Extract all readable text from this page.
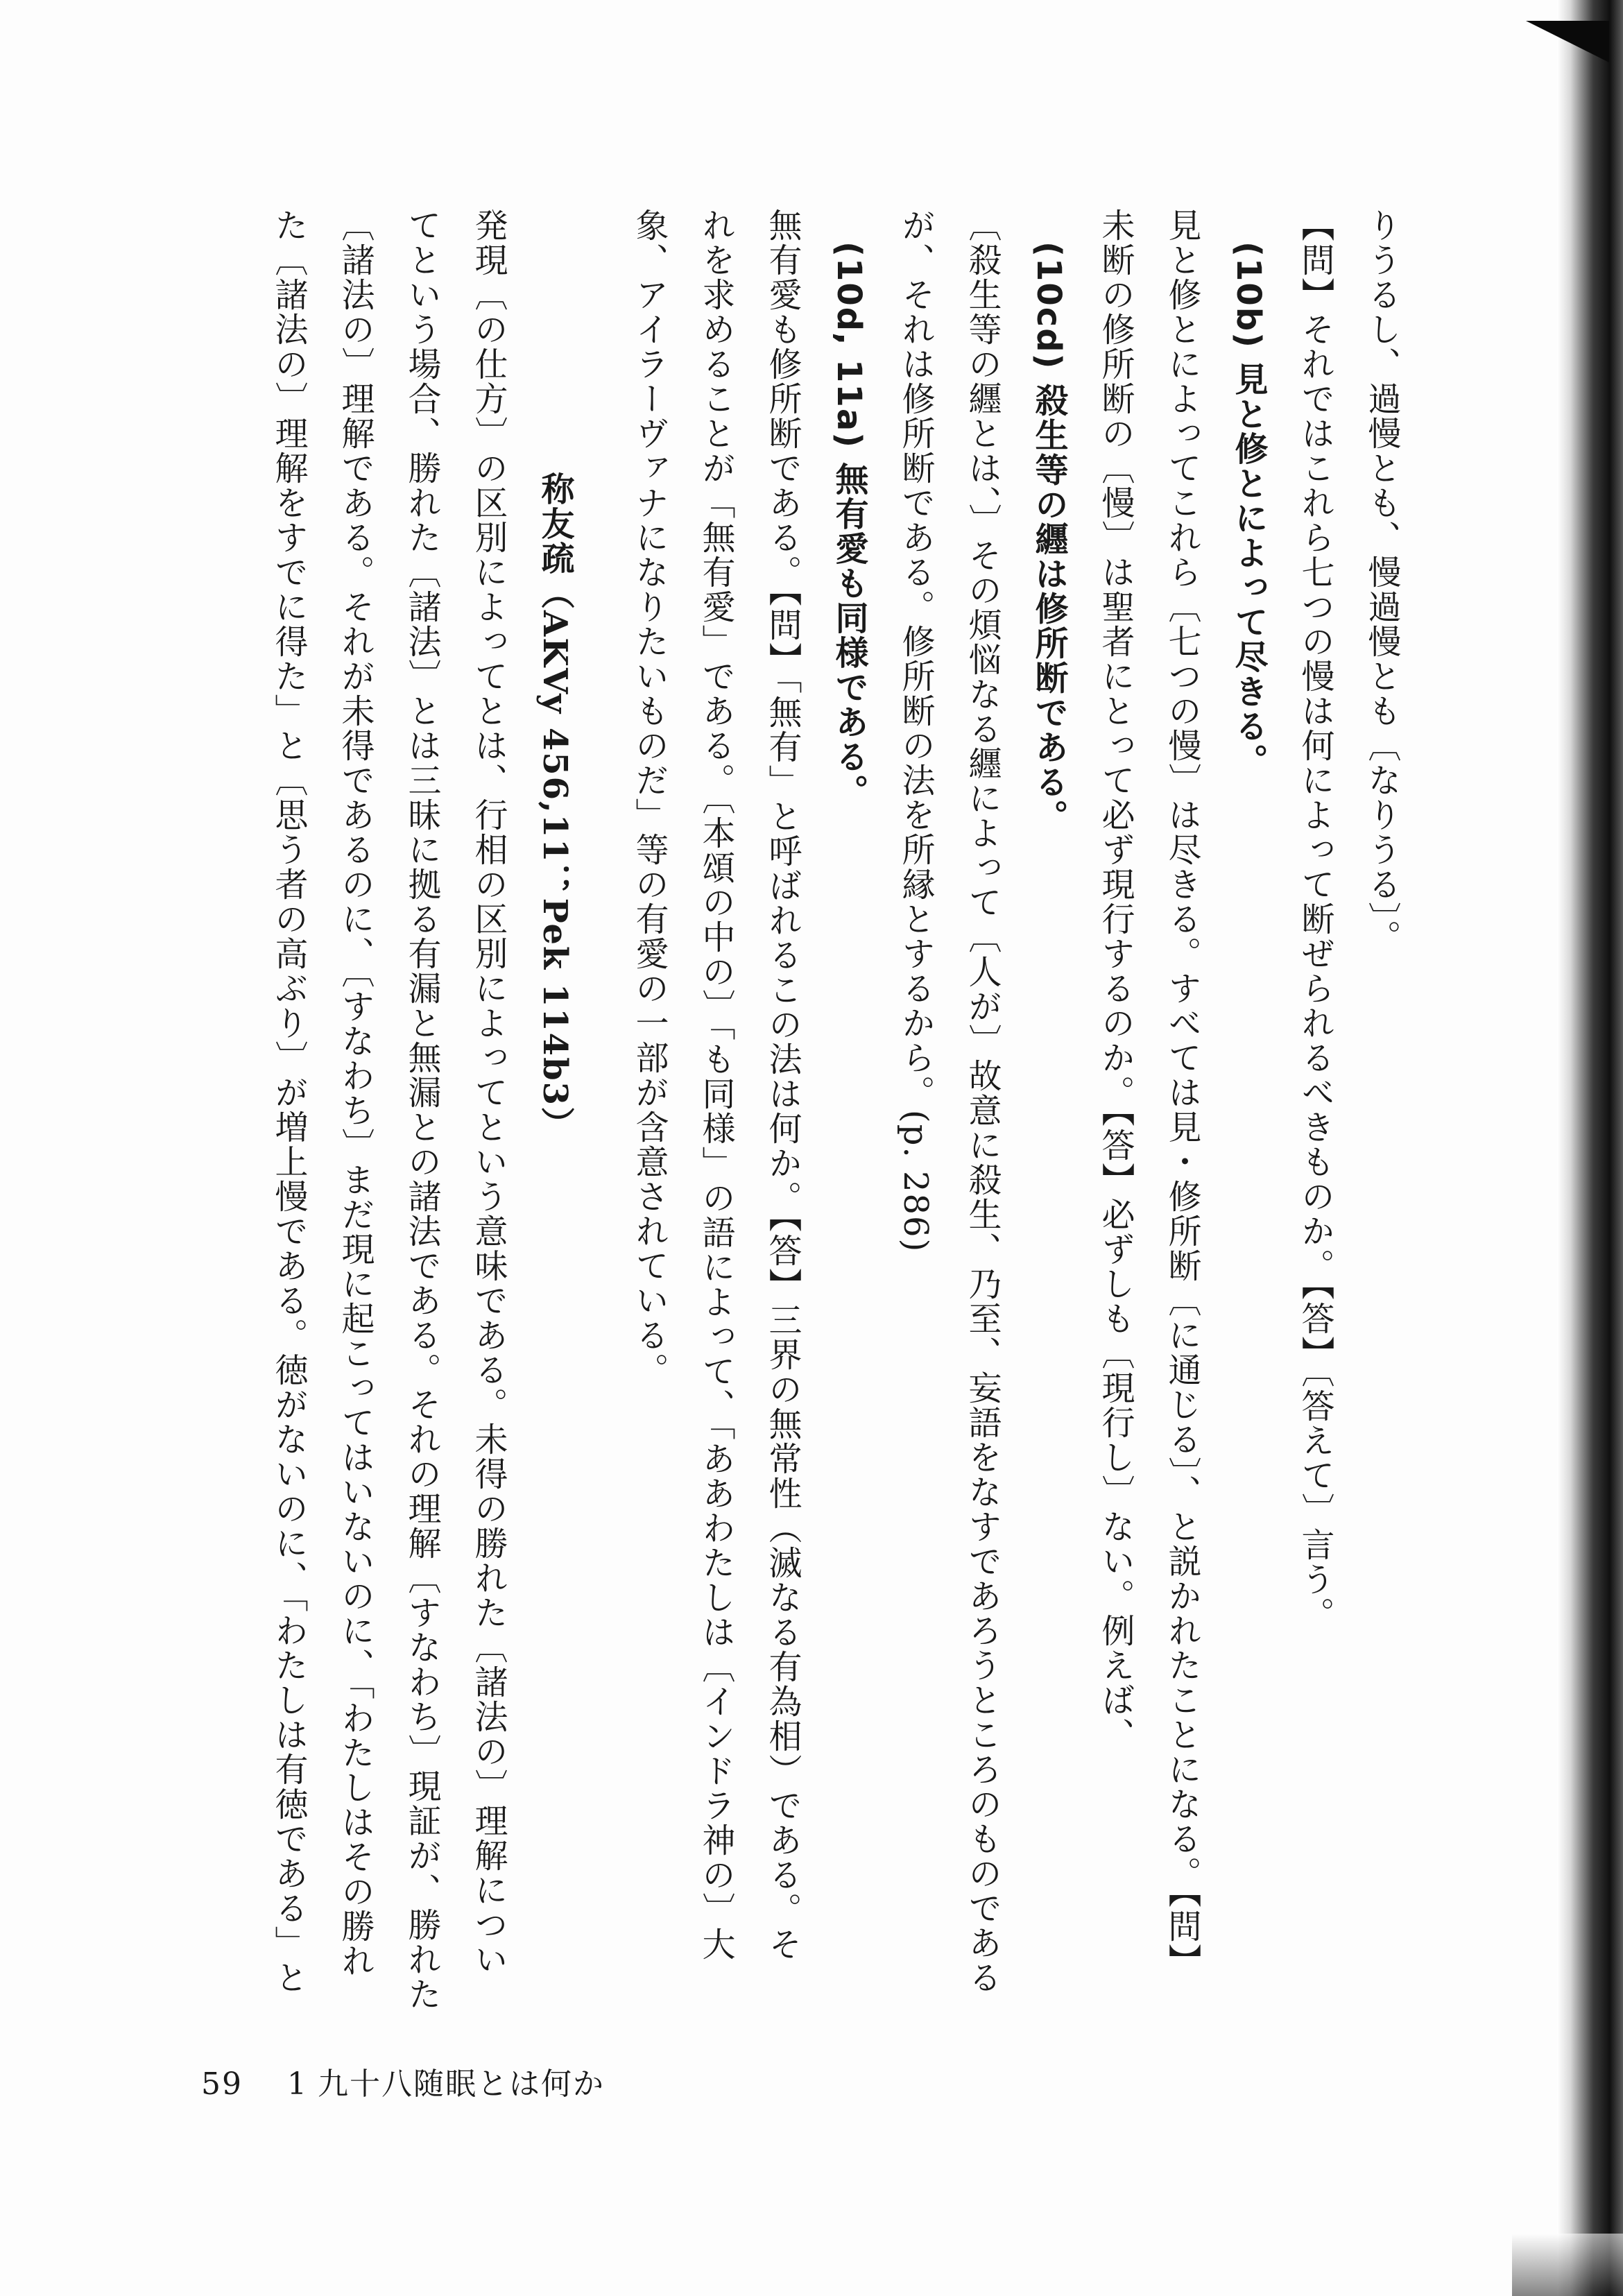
りうるし、過慢とも、慢過慢とも〔なりうる〕。

【問】それではこれら七つの慢は何によって断ぜられるべきものか。【答】〔答えて〕言う。

(10b) 見と修とによって尽きる。

見と修とによってこれら〔七つの慢〕は尽きる。すべては見・修所断〔に通じる〕、と説かれたことになる。【問】

未断の修所断の〔慢〕は聖者にとって必ず現行するのか。【答】必ずしも〔現行し〕ない。例えば、

(10cd) 殺生等の纒は修所断である。

〔殺生等の纒とは、〕その煩悩なる纒によって〔人が〕故意に殺生、乃至、妄語をなすであろうところのものである

が、それは修所断である。修所断の法を所縁とするから。(p. 286)

(10d, 11a) 無有愛も同様である。

無有愛も修所断である。【問】「無有」と呼ばれるこの法は何か。【答】三界の無常性（滅なる有為相）である。そ

れを求めることが「無有愛」である。〔本頌の中の〕「も同様」の語によって、「ああわたしは〔インドラ神の〕大

象、アイラーヴァナになりたいものだ」等の有愛の一部が含意されている。

称友疏（AKVy 456,11；Pek 114b3）

発現〔の仕方〕の区別によってとは、行相の区別によってという意味である。未得の勝れた〔諸法の〕理解につい

てという場合、勝れた〔諸法〕とは三昧に拠る有漏と無漏との諸法である。それの理解〔すなわち〕現証が、勝れた

〔諸法の〕理解である。それが未得であるのに、〔すなわち〕まだ現に起こってはいないのに、「わたしはその勝れ

た〔諸法の〕理解をすでに得た」と〔思う者の高ぶり〕が増上慢である。徳がないのに、「わたしは有徳である」と

59 1 九十八随眠とは何か
